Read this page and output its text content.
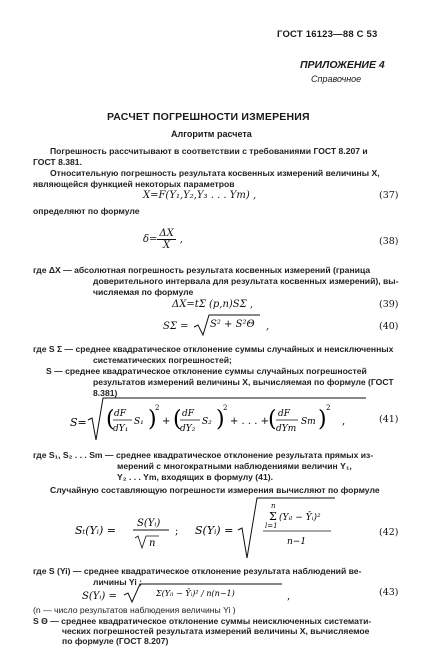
ГОСТ 16123—88 С 53
ПРИЛОЖЕНИЕ 4
Справочное
РАСЧЕТ ПОГРЕШНОСТИ ИЗМЕРЕНИЯ
Алгоритм расчета
Погрешность рассчитывают в соответствии с требованиями ГОСТ 8.207 и
ГОСТ 8.381.
Относительную погрешность результата косвенных измерений величины X,
являющейся функцией некоторых параметров
X=F(Y₁,Y₂,Y₃ . . . Ym) ,	(37)
определяют по формуле
$\delta= \frac{\Delta X}{X}$ ,	(38)
где ΔX — абсолютная погрешность результата косвенных измерений (граница
доверительного интервала для результата косвенных измерений), вы-
числяемая по формуле
ΔX=tΣ (p,n)SΣ ,	(39)
SΣ = S² + S²Θ ,	(40)
где S Σ — среднее квадратическое отклонение суммы случайных и неисключенных
систематических погрешностей;
S — среднее квадратическое отклонение суммы случайных погрешностей
результатов измерений величины X, вычисляемая по формуле (ГОСТ
8.381)
S= ( dF
dY₁
S₁ )
2
+ ( dF
dY₂
S₂ )
2
+ . . . +
( dF
dYm
Sm ) 2
,	(41)
где S₁, S₂ . . . Sm — среднее квадратическое отклонение результата прямых из-
мерений с многократными наблюдениями величин Y₁,
Y₂ . . . Ym, входящих в формулу (41).
Случайную составляющую погрешности измерения вычисляют по формуле
Sₜ(Yᵢ) =
S(Yᵢ)
n
; S(Yᵢ) =
n
Σ (Yᵢₗ − Ȳᵢ)²
l=1
n−1
(42)
где S (Yi) — среднее квадратическое отклонение результата наблюдений ве-
личины Yi ;
S(Yᵢ) =	Σ(Yᵢₗ − Ȳᵢ)² / n(n−1)	,	(43)
(n — число результатов наблюдения величины Yi )
S Θ — среднее квадратическое отклонение суммы неисключенных системати-
ческих погрешностей результата измерений величины X, вычисляемое
по формуле (ГОСТ 8.207)
